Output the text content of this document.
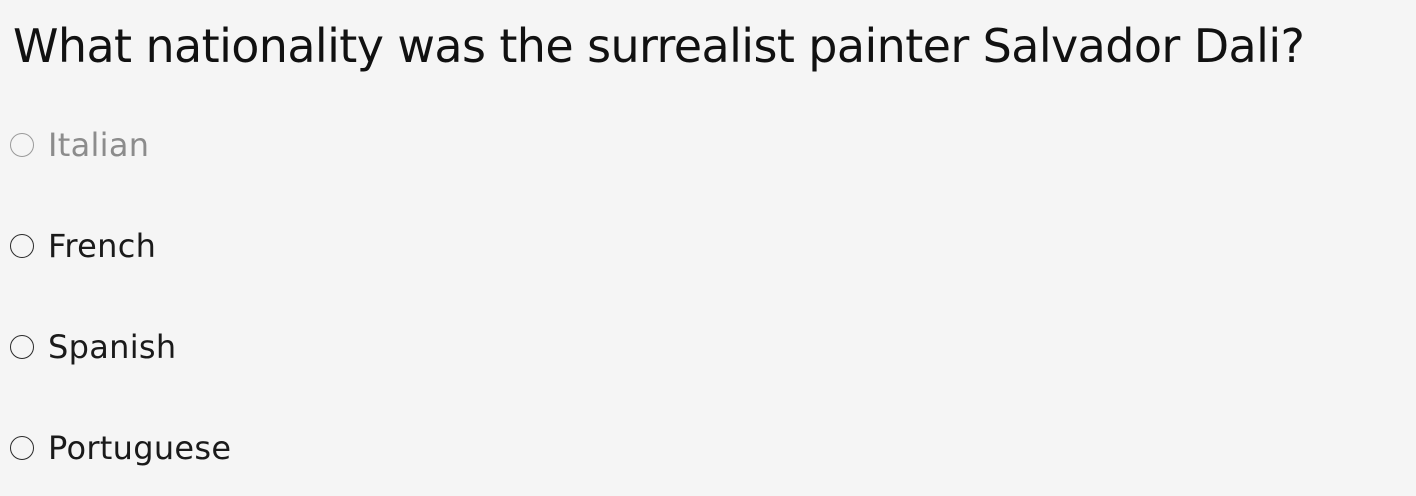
What nationality was the surrealist painter Salvador Dali?
Italian
French
Spanish
Portuguese
